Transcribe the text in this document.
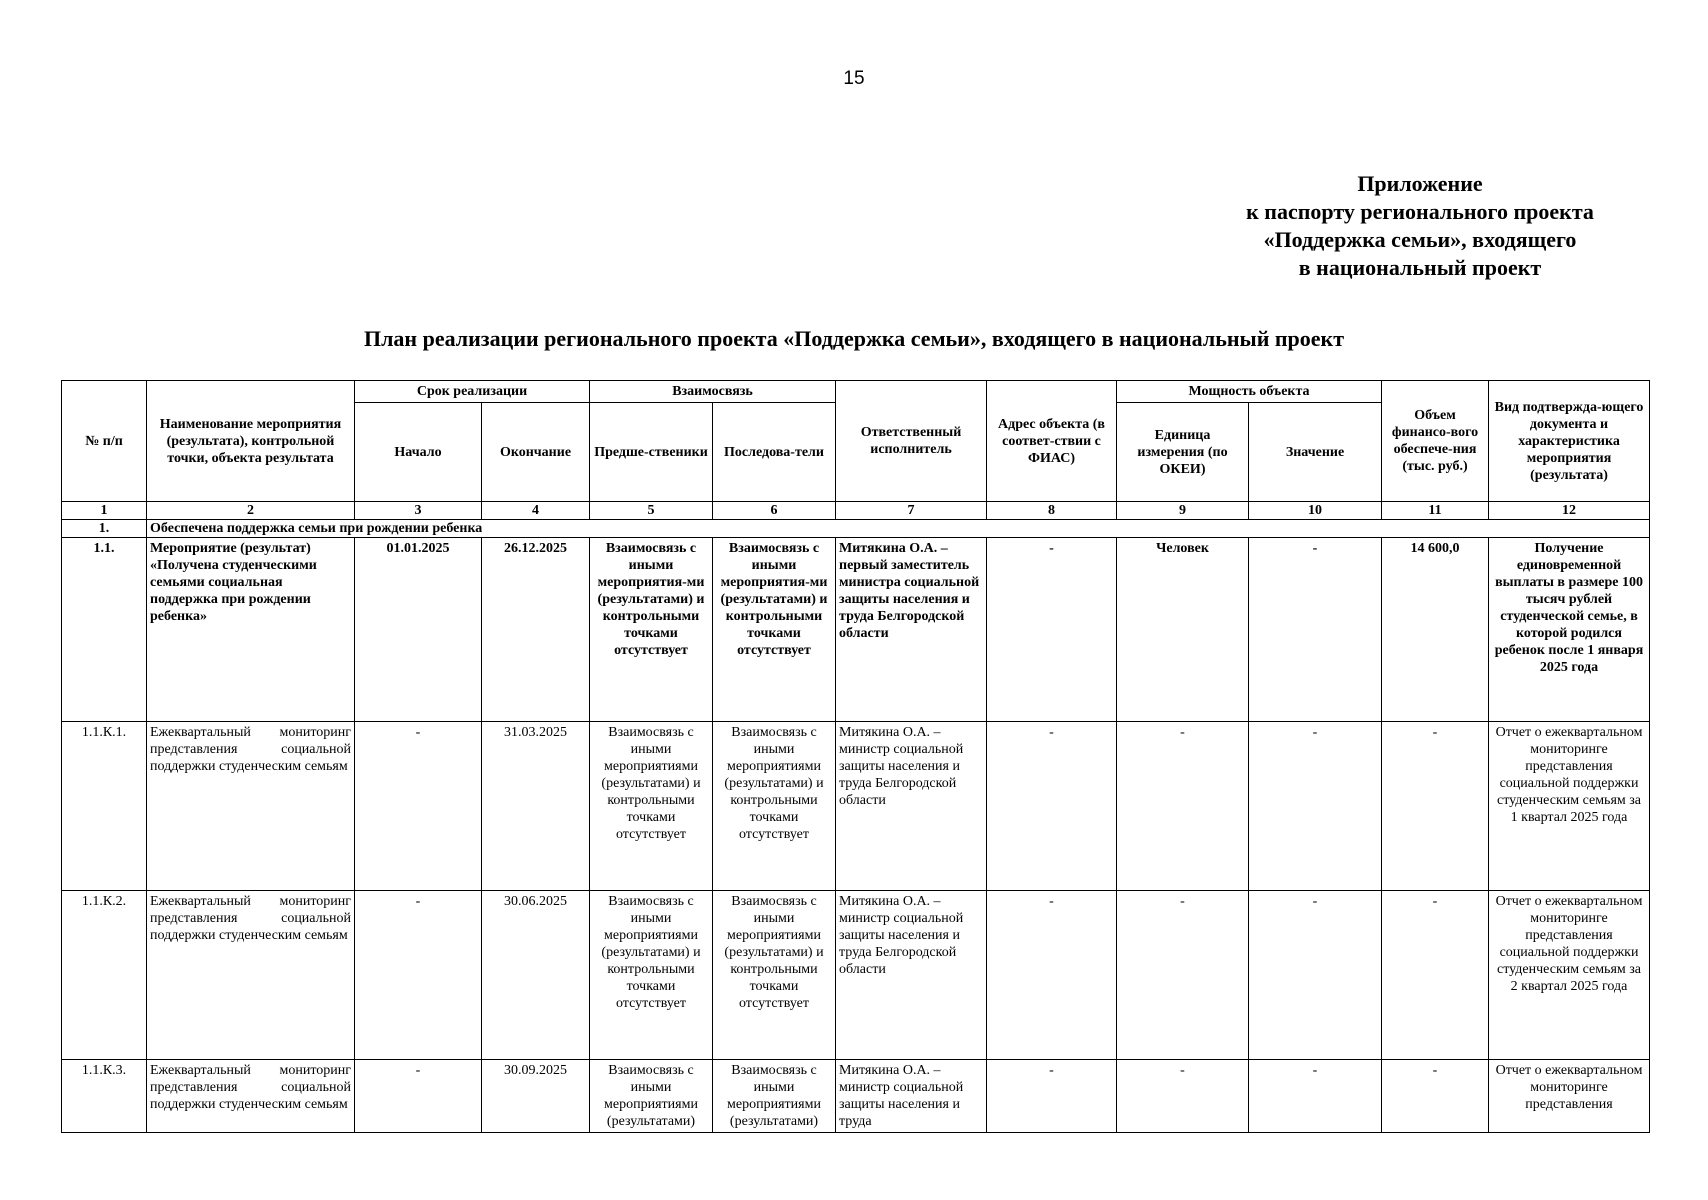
15
Приложение
к паспорту регионального проекта
«Поддержка семьи», входящего
в национальный проект
План реализации регионального проекта «Поддержка семьи», входящего в национальный проект
№ п/п	Наименование мероприятия (результата), контрольной точки, объекта результата	Срок реализации		Взаимосвязь		Ответственный исполнитель	Адрес объекта (в соответ-ствии с ФИАС)	Мощность объекта		Объем финансо-вого обеспече-ния (тыс. руб.)	Вид подтвержда-ющего документа и характеристика мероприятия (результата)
		Начало	Окончание	Предше-ственики	Последова-тели			Единица измерения (по ОКЕИ)	Значение		
1	2	3	4	5	6	7	8	9	10	11	12
1.	Обеспечена поддержка семьи при рождении ребенка										
1.1.	Мероприятие (результат) «Получена студенческими семьями социальная поддержка при рождении ребенка»	01.01.2025	26.12.2025	Взаимосвязь с иными мероприятия-ми (результатами) и контрольными точками отсутствует	Взаимосвязь с иными мероприятия-ми (результатами) и контрольными точками отсутствует	Митякина О.А. – первый заместитель министра социальной защиты населения и труда Белгородской области	-	Человек	-	14 600,0	Получение единовременной выплаты в размере 100 тысяч рублей студенческой семье, в которой родился ребенок после 1 января 2025 года
1.1.К.1.	Ежеквартальный мониторинг представления социальной поддержки студенческим семьям	-	31.03.2025	Взаимосвязь с иными мероприятиями (результатами) и контрольными точками отсутствует	Взаимосвязь с иными мероприятиями (результатами) и контрольными точками отсутствует	Митякина О.А. – министр социальной защиты населения и труда Белгородской области	-	-	-	-	Отчет о ежеквартальном мониторинге представления социальной поддержки студенческим семьям за 1 квартал 2025 года
1.1.К.2.	Ежеквартальный мониторинг представления социальной поддержки студенческим семьям	-	30.06.2025	Взаимосвязь с иными мероприятиями (результатами) и контрольными точками отсутствует	Взаимосвязь с иными мероприятиями (результатами) и контрольными точками отсутствует	Митякина О.А. – министр социальной защиты населения и труда Белгородской области	-	-	-	-	Отчет о ежеквартальном мониторинге представления социальной поддержки студенческим семьям за 2 квартал 2025 года
1.1.К.3.	Ежеквартальный мониторинг представления социальной поддержки студенческим семьям	-	30.09.2025	Взаимосвязь с иными мероприятиями (результатами)	Взаимосвязь с иными мероприятиями (результатами)	Митякина О.А. – министр социальной защиты населения и труда	-	-	-	-	Отчет о ежеквартальном мониторинге представления
